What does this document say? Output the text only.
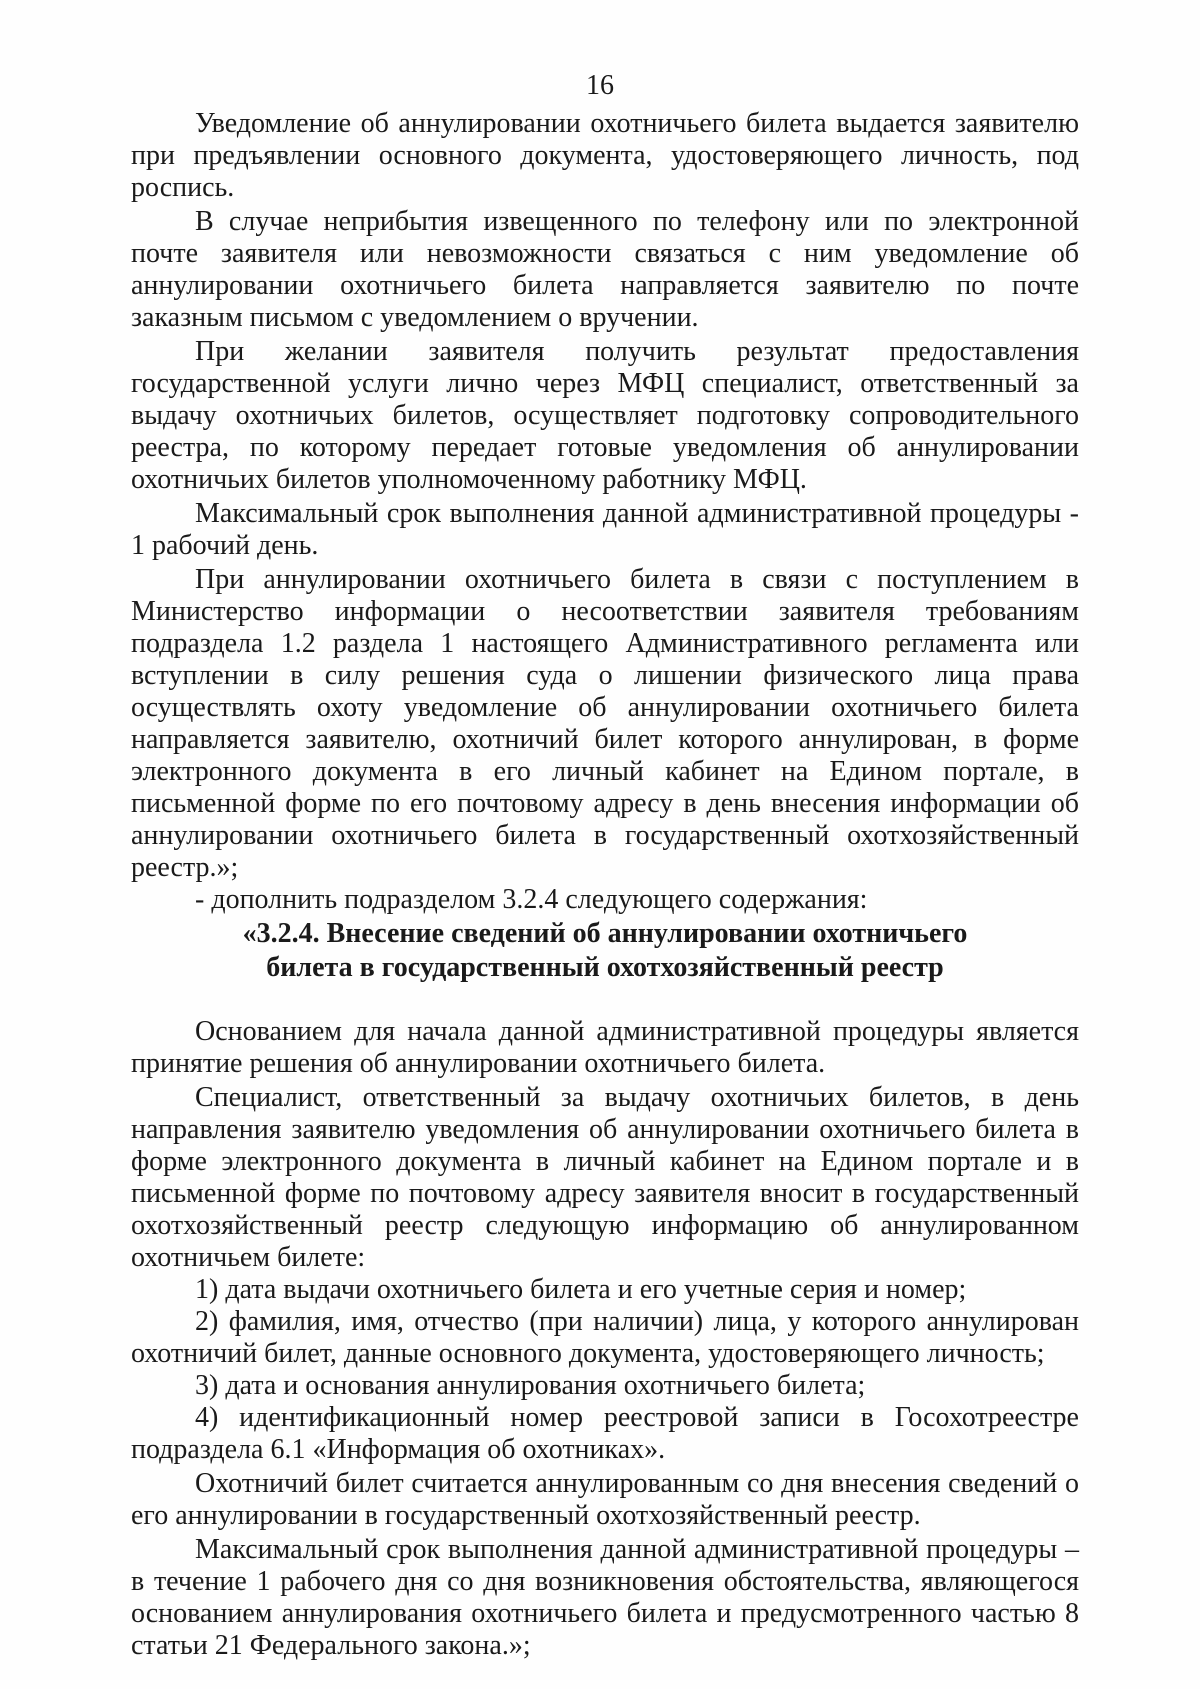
16

Уведомление об аннулировании охотничьего билета выдается заявителю при предъявлении основного документа, удостоверяющего личность, под роспись.

В случае неприбытия извещенного по телефону или по электронной почте заявителя или невозможности связаться с ним уведомление об аннулировании охотничьего билета направляется заявителю по почте заказным письмом с уведомлением о вручении.

При желании заявителя получить результат предоставления государственной услуги лично через МФЦ специалист, ответственный за выдачу охотничьих билетов, осуществляет подготовку сопроводительного реестра, по которому передает готовые уведомления об аннулировании охотничьих билетов уполномоченному работнику МФЦ.

Максимальный срок выполнения данной административной процедуры - 1 рабочий день.

При аннулировании охотничьего билета в связи с поступлением в Министерство информации о несоответствии заявителя требованиям подраздела 1.2 раздела 1 настоящего Административного регламента или вступлении в силу решения суда о лишении физического лица права осуществлять охоту уведомление об аннулировании охотничьего билета направляется заявителю, охотничий билет которого аннулирован, в форме электронного документа в его личный кабинет на Едином портале, в письменной форме по его почтовому адресу в день внесения информации об аннулировании охотничьего билета в государственный охотхозяйственный реестр.»;

- дополнить подразделом 3.2.4 следующего содержания:

«3.2.4. Внесение сведений об аннулировании охотничьего

билета в государственный охотхозяйственный реестр

Основанием для начала данной административной процедуры является принятие решения об аннулировании охотничьего билета.

Специалист, ответственный за выдачу охотничьих билетов, в день направления заявителю уведомления об аннулировании охотничьего билета в форме электронного документа в личный кабинет на Едином портале и в письменной форме по почтовому адресу заявителя вносит в государственный охотхозяйственный реестр следующую информацию об аннулированном охотничьем билете:

1) дата выдачи охотничьего билета и его учетные серия и номер;

2) фамилия, имя, отчество (при наличии) лица, у которого аннулирован охотничий билет, данные основного документа, удостоверяющего личность;

3) дата и основания аннулирования охотничьего билета;

4) идентификационный номер реестровой записи в Госохотреестре подраздела 6.1 «Информация об охотниках».

Охотничий билет считается аннулированным со дня внесения сведений о его аннулировании в государственный охотхозяйственный реестр.

Максимальный срок выполнения данной административной процедуры – в течение 1 рабочего дня со дня возникновения обстоятельства, являющегося основанием аннулирования охотничьего билета и предусмотренного частью 8 статьи 21 Федерального закона.»;
